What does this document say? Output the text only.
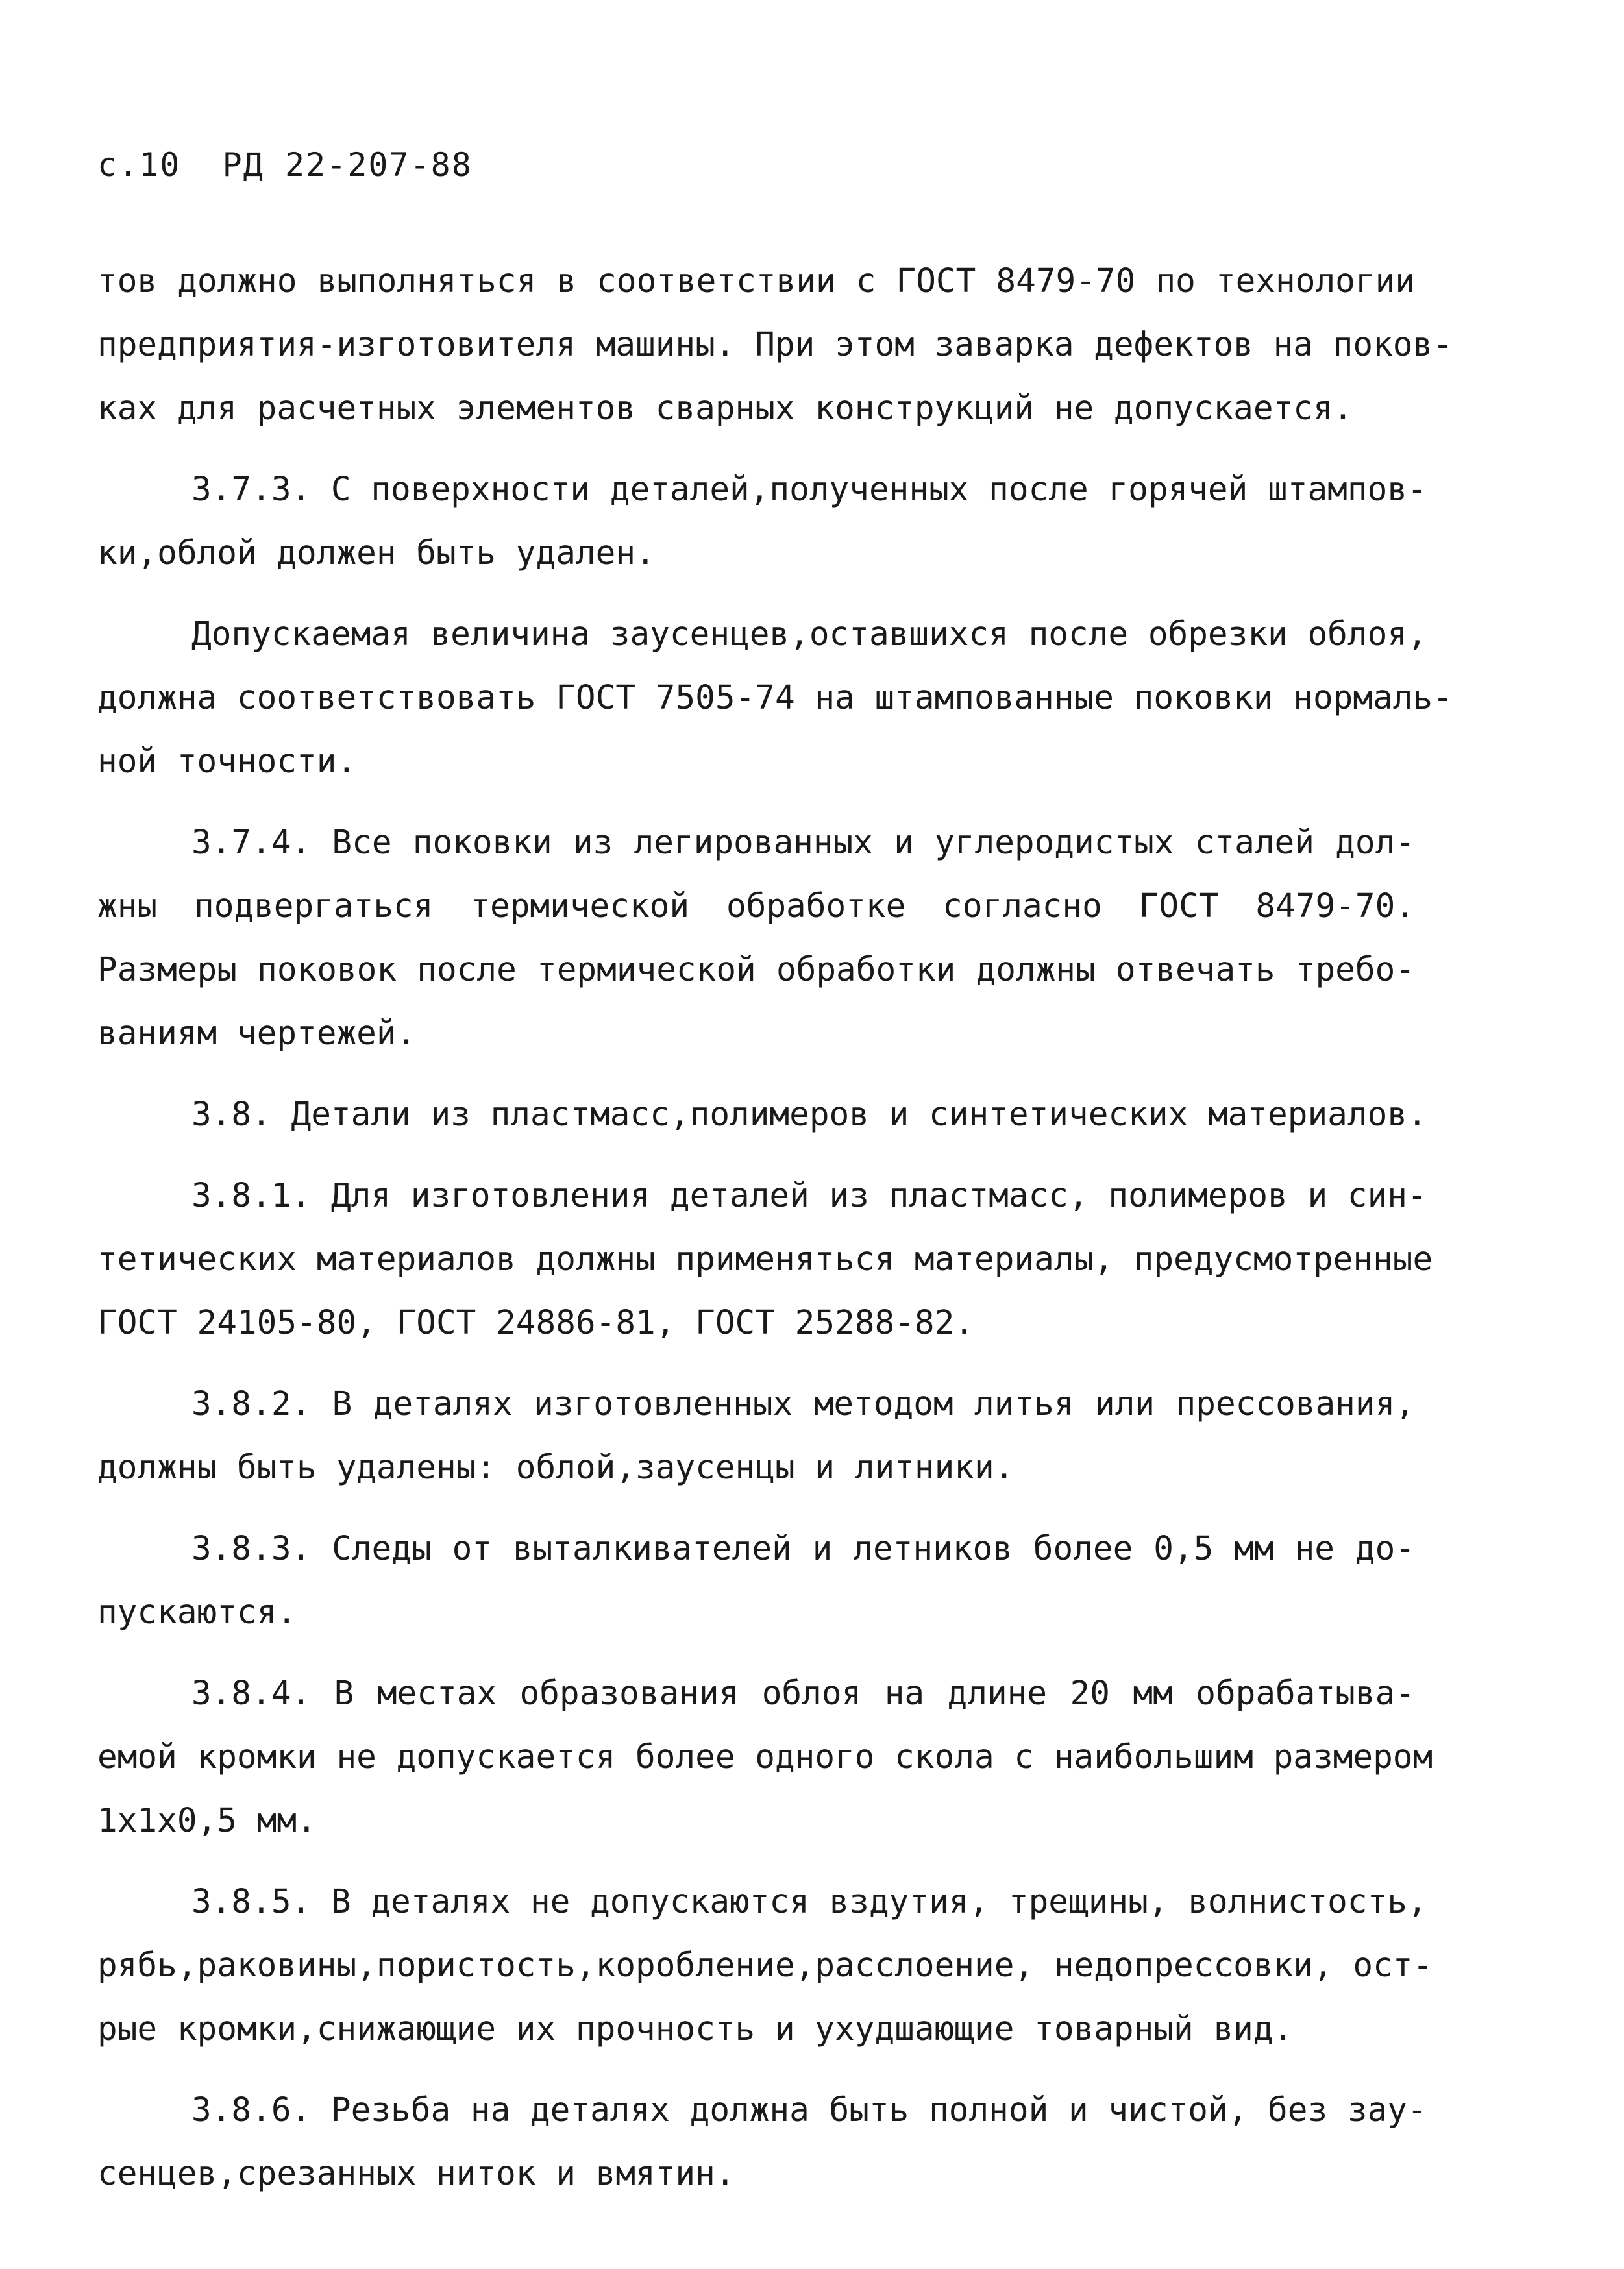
с.10 РД 22-207-88
тов должно выполняться в соответствии с ГОСТ 8479-70 по технологии
предприятия-изготовителя машины. При этом заварка дефектов на поков-
ках для расчетных элементов сварных конструкций не допускается.
3.7.3. С поверхности деталей,полученных после горячей штампов-
ки,облой должен быть удален.
Допускаемая величина заусенцев,оставшихся после обрезки облоя,
должна соответствовать ГОСТ 7505-74 на штампованные поковки нормаль-
ной точности.
3.7.4. Все поковки из легированных и углеродистых сталей дол-
жны подвергаться термической обработке согласно ГОСТ 8479-70.
Размеры поковок после термической обработки должны отвечать требо-
ваниям чертежей.
3.8. Детали из пластмасс,полимеров и синтетических материалов.
3.8.1. Для изготовления деталей из пластмасс, полимеров и син-
тетических материалов должны применяться материалы, предусмотренные
ГОСТ 24105-80, ГОСТ 24886-81, ГОСТ 25288-82.
3.8.2. В деталях изготовленных методом литья или прессования,
должны быть удалены: облой,заусенцы и литники.
3.8.3. Следы от выталкивателей и летников более 0,5 мм не до-
пускаются.
3.8.4. В местах образования облоя на длине 20 мм обрабатыва-
емой кромки не допускается более одного скола с наибольшим размером
1x1x0,5 мм.
3.8.5. В деталях не допускаются вздутия, трещины, волнистость,
рябь,раковины,пористость,коробление,расслоение, недопрессовки, ост-
рые кромки,снижающие их прочность и ухудшающие товарный вид.
3.8.6. Резьба на деталях должна быть полной и чистой, без зау-
сенцев,срезанных ниток и вмятин.
